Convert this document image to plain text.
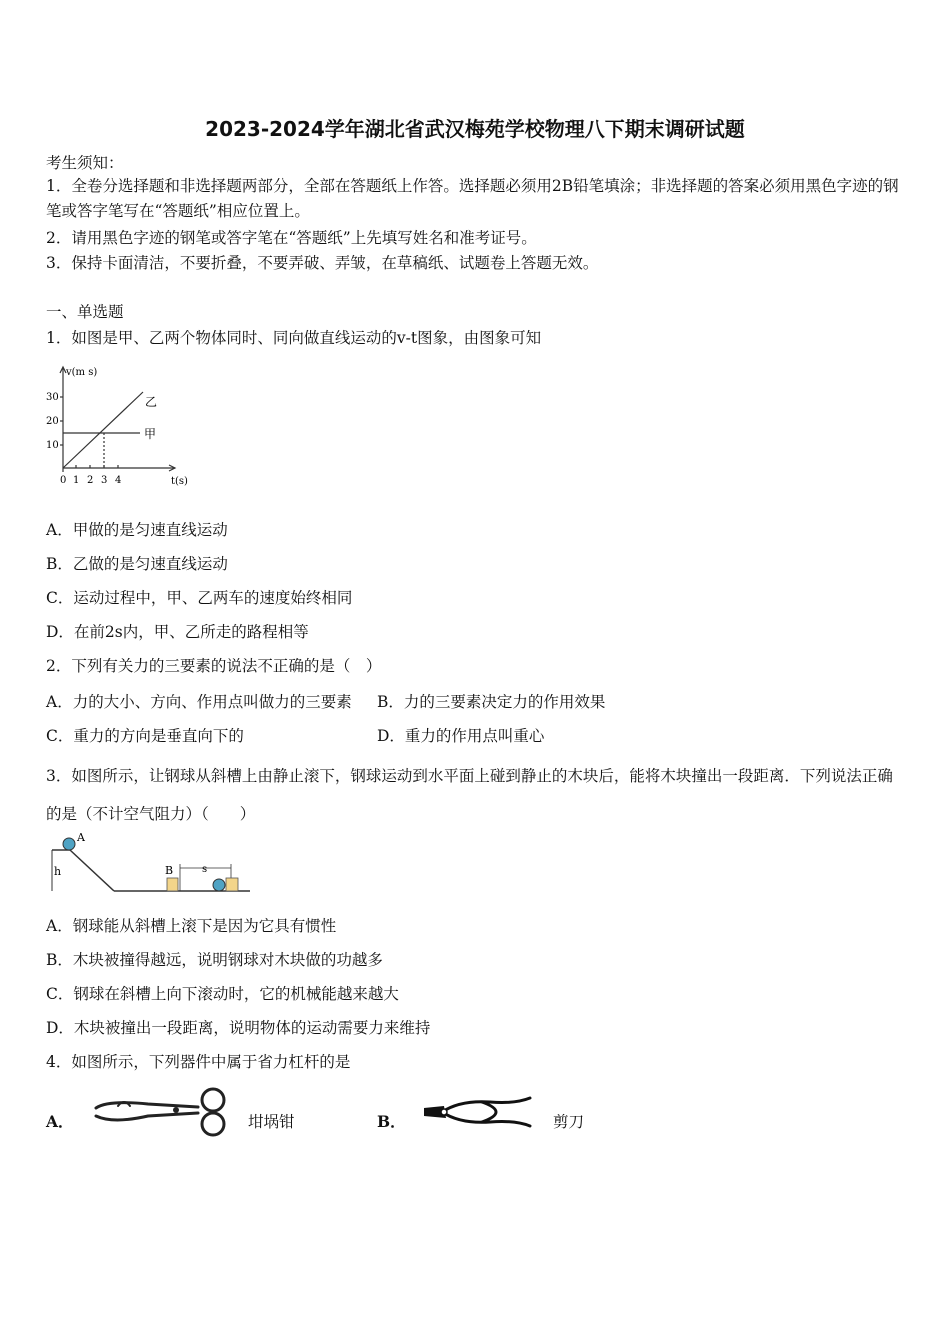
2023-2024学年湖北省武汉梅苑学校物理八下期末调研试题
考生须知：
1．全卷分选择题和非选择题两部分，全部在答题纸上作答。选择题必须用2B铅笔填涂；非选择题的答案必须用黑色字迹的钢笔或答字笔写在“答题纸”相应位置上。
2．请用黑色字迹的钢笔或答字笔在“答题纸”上先填写姓名和准考证号。
3．保持卡面清洁，不要折叠，不要弄破、弄皱，在草稿纸、试题卷上答题无效。
一、单选题
1．如图是甲、乙两个物体同时、同向做直线运动的v-t图象，由图象可知
v(m s)
30
20
10
0 1 2 3 4	t(s)
乙
甲
A．甲做的是匀速直线运动
B．乙做的是匀速直线运动
C．运动过程中，甲、乙两车的速度始终相同
D．在前2s内，甲、乙所走的路程相等
2．下列有关力的三要素的说法不正确的是（　）
A．力的大小、方向、作用点叫做力的三要素 B．力的三要素决定力的作用效果
C．重力的方向是垂直向下的	D．重力的作用点叫重心
3．如图所示，让钢球从斜槽上由静止滚下，钢球运动到水平面上碰到静止的木块后，能将木块撞出一段距离．下列说法正确的是（不计空气阻力）（　　）
A
h	B	s
A．钢球能从斜槽上滚下是因为它具有惯性
B．木块被撞得越远，说明钢球对木块做的功越多
C．钢球在斜槽上向下滚动时，它的机械能越来越大
D．木块被撞出一段距离，说明物体的运动需要力来维持
4．如图所示，下列器件中属于省力杠杆的是
A．	坩埚钳	B．	剪刀
